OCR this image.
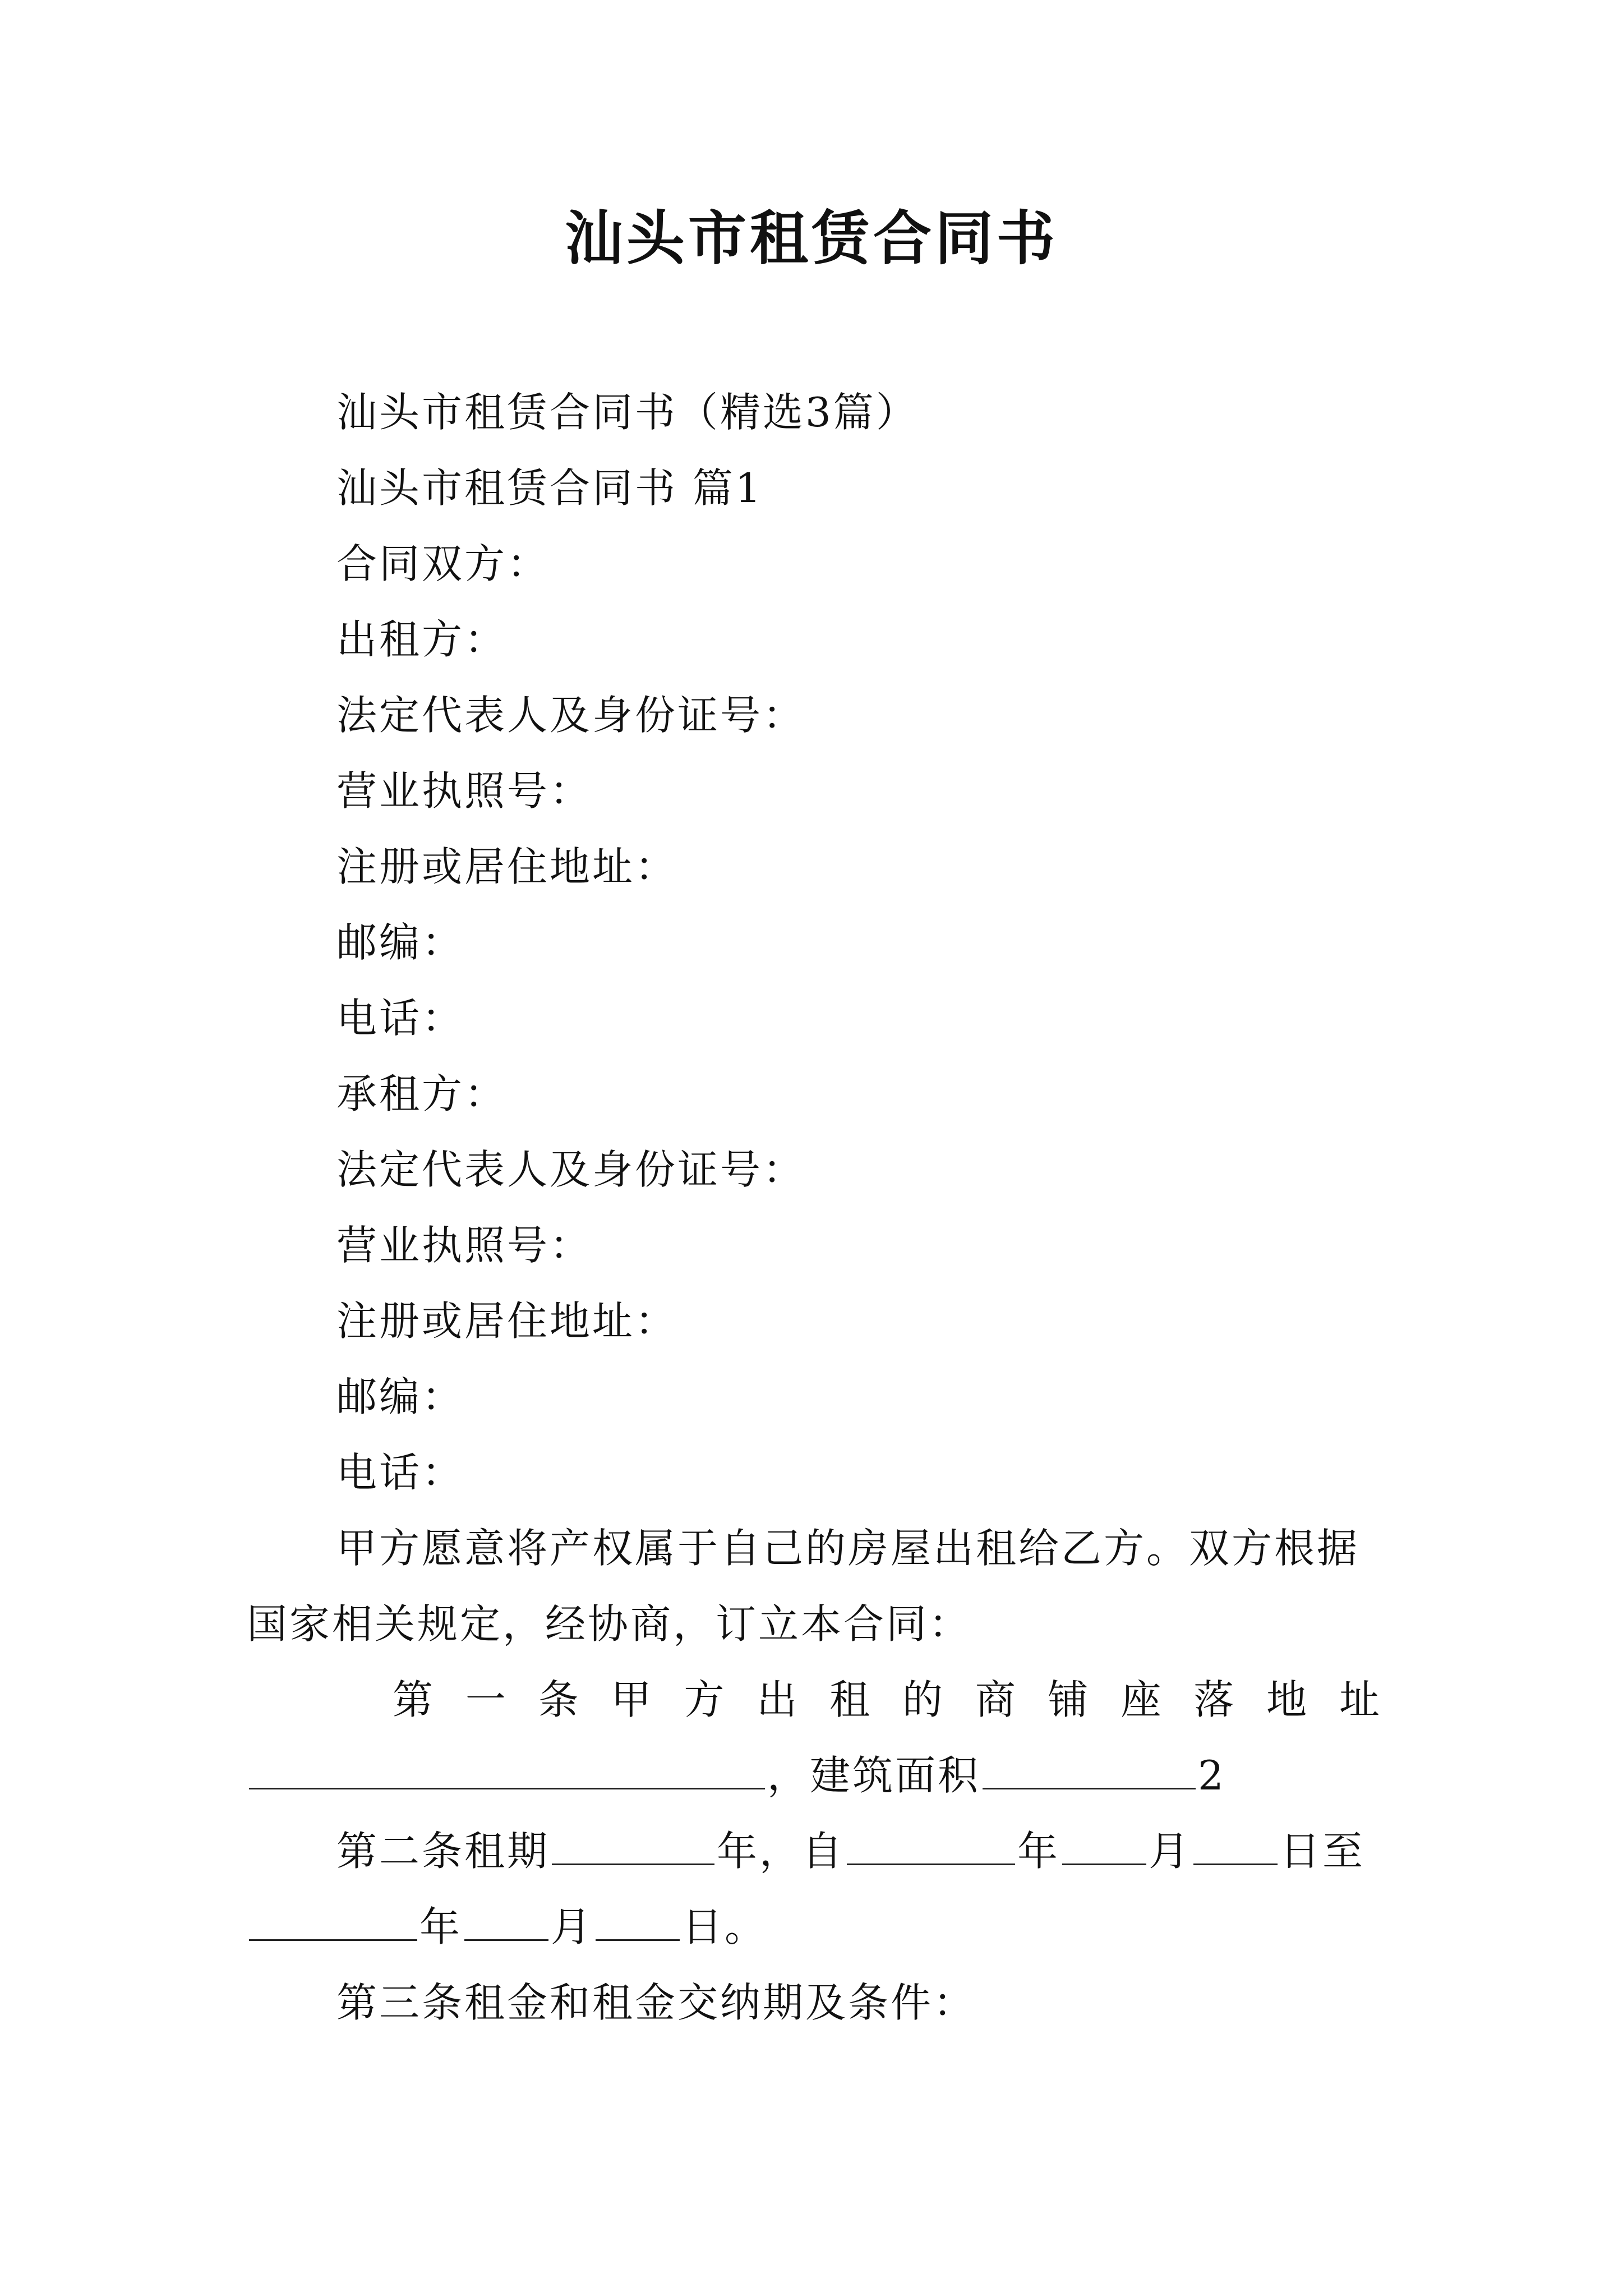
汕头市租赁合同书
汕头市租赁合同书（精选3篇）
汕头市租赁合同书 篇1
合同双方：
出租方：
法定代表人及身份证号：
营业执照号：
注册或居住地址：
邮编：
电话：
承租方：
法定代表人及身份证号：
营业执照号：
注册或居住地址：
邮编：
电话：
甲方愿意将产权属于自己的房屋出租给乙方。双方根据
国家相关规定，经协商，订立本合同：
第一条甲方出租的商铺座落地址
，建筑面积	2
第二条租期	年，自	年 月 日至
年 月 日。
第三条租金和租金交纳期及条件：
